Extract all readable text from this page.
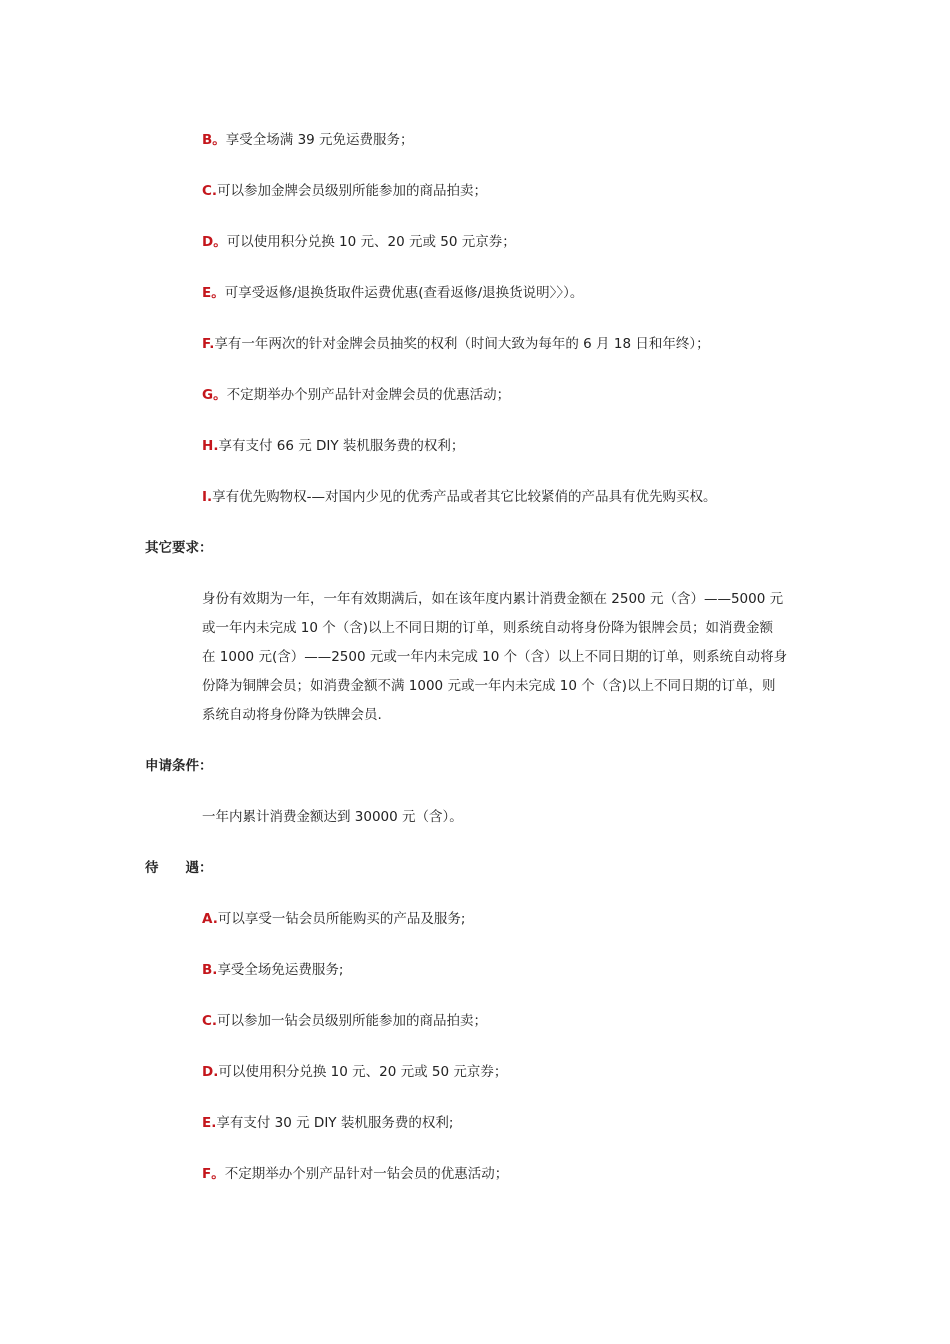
B。享受全场满 39 元免运费服务；
C.可以参加金牌会员级别所能参加的商品拍卖；
D。可以使用积分兑换 10 元、20 元或 50 元京券；
E。可享受返修/退换货取件运费优惠(查看返修/退换货说明〉〉）。
F.享有一年两次的针对金牌会员抽奖的权利（时间大致为每年的 6 月 18 日和年终）；
G。不定期举办个别产品针对金牌会员的优惠活动；
H.享有支付 66 元 DIY 装机服务费的权利；
I.享有优先购物权-—对国内少见的优秀产品或者其它比较紧俏的产品具有优先购买权。
其它要求：
身份有效期为一年，一年有效期满后，如在该年度内累计消费金额在 2500 元（含）——5000 元
或一年内未完成 10 个（含)以上不同日期的订单，则系统自动将身份降为银牌会员；如消费金额
在 1000 元(含）——2500 元或一年内未完成 10 个（含）以上不同日期的订单，则系统自动将身
份降为铜牌会员；如消费金额不满 1000 元或一年内未完成 10 个（含)以上不同日期的订单，则
系统自动将身份降为铁牌会员.
申请条件：
一年内累计消费金额达到 30000 元（含）。
待　　遇：
A.可以享受一钻会员所能购买的产品及服务;
B.享受全场免运费服务;
C.可以参加一钻会员级别所能参加的商品拍卖；
D.可以使用积分兑换 10 元、20 元或 50 元京券；
E.享有支付 30 元 DIY 装机服务费的权利;
F。不定期举办个别产品针对一钻会员的优惠活动；
